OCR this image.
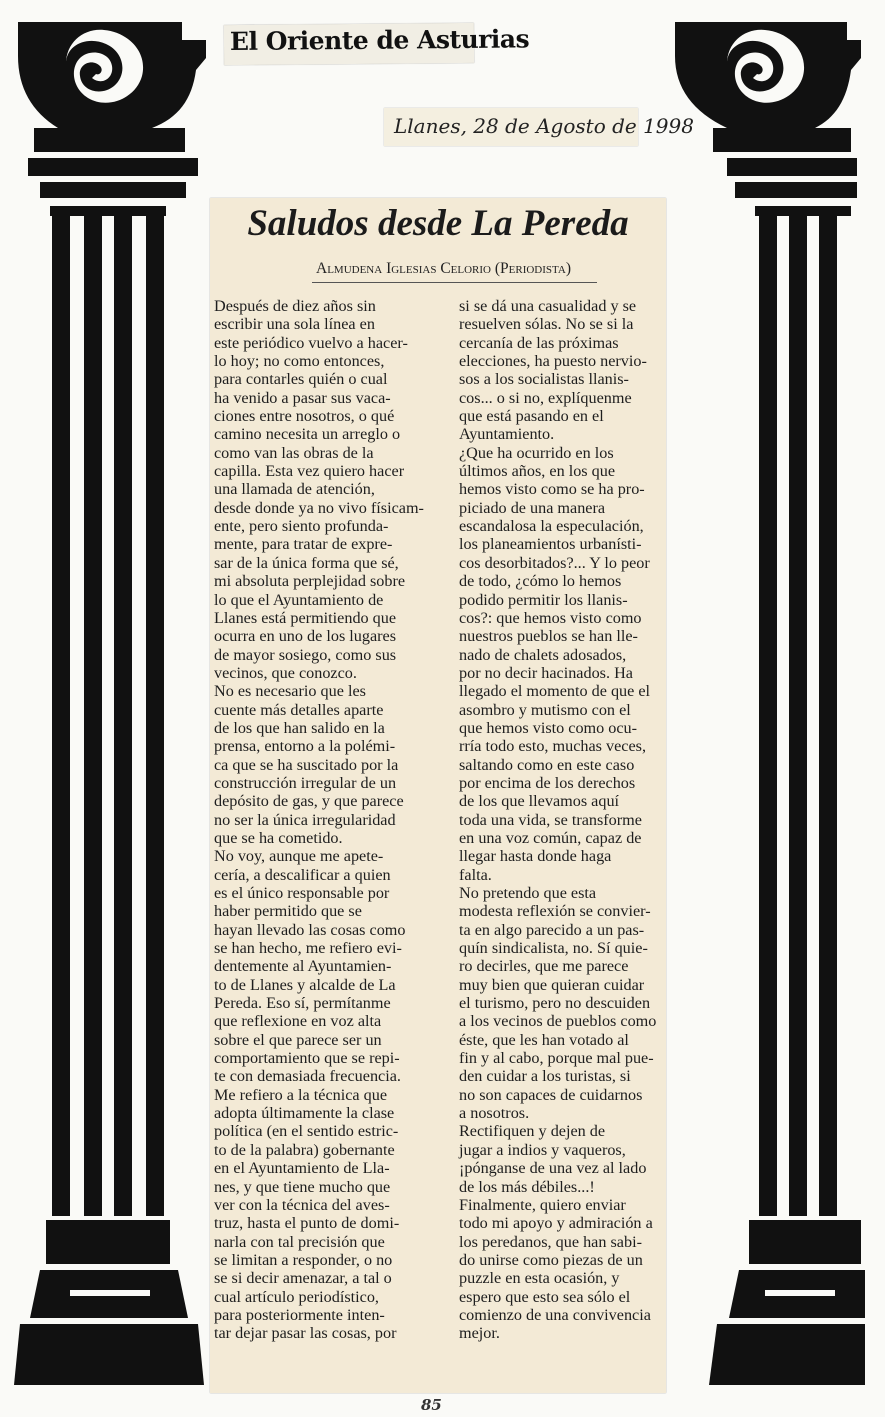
El Oriente de Asturias
Llanes, 28 de Agosto de 1998
Saludos desde La Pereda
Almudena Iglesias Celorio (Periodista)

Después de diez años sin

escribir una sola línea en

este periódico vuelvo a hacer-

lo hoy; no como entonces,

para contarles quién o cual

ha venido a pasar sus vaca-

ciones entre nosotros, o qué

camino necesita un arreglo o

como van las obras de la

capilla. Esta vez quiero hacer

una llamada de atención,

desde donde ya no vivo físicam-

ente, pero siento profunda-

mente, para tratar de expre-

sar de la única forma que sé,

mi absoluta perplejidad sobre

lo que el Ayuntamiento de

Llanes está permitiendo que

ocurra en uno de los lugares

de mayor sosiego, como sus

vecinos, que conozco.

No es necesario que les

cuente más detalles aparte

de los que han salido en la

prensa, entorno a la polémi-

ca que se ha suscitado por la

construcción irregular de un

depósito de gas, y que parece

no ser la única irregularidad

que se ha cometido.

No voy, aunque me apete-

cería, a descalificar a quien

es el único responsable por

haber permitido que se

hayan llevado las cosas como

se han hecho, me refiero evi-

dentemente al Ayuntamien-

to de Llanes y alcalde de La

Pereda. Eso sí, permítanme

que reflexione en voz alta

sobre el que parece ser un

comportamiento que se repi-

te con demasiada frecuencia.

Me refiero a la técnica que

adopta últimamente la clase

política (en el sentido estric-

to de la palabra) gobernante

en el Ayuntamiento de Lla-

nes, y que tiene mucho que

ver con la técnica del aves-

truz, hasta el punto de domi-

narla con tal precisión que

se limitan a responder, o no

se si decir amenazar, a tal o

cual artículo periodístico,

para posteriormente inten-

tar dejar pasar las cosas, por

si se dá una casualidad y se

resuelven sólas. No se si la

cercanía de las próximas

elecciones, ha puesto nervio-

sos a los socialistas llanis-

cos... o si no, explíquenme

que está pasando en el

Ayuntamiento.

¿Que ha ocurrido en los

últimos años, en los que

hemos visto como se ha pro-

piciado de una manera

escandalosa la especulación,

los planeamientos urbanísti-

cos desorbitados?... Y lo peor

de todo, ¿cómo lo hemos

podido permitir los llanis-

cos?: que hemos visto como

nuestros pueblos se han lle-

nado de chalets adosados,

por no decir hacinados. Ha

llegado el momento de que el

asombro y mutismo con el

que hemos visto como ocu-

rría todo esto, muchas veces,

saltando como en este caso

por encima de los derechos

de los que llevamos aquí

toda una vida, se transforme

en una voz común, capaz de

llegar hasta donde haga

falta.

No pretendo que esta

modesta reflexión se convier-

ta en algo parecido a un pas-

quín sindicalista, no. Sí quie-

ro decirles, que me parece

muy bien que quieran cuidar

el turismo, pero no descuiden

a los vecinos de pueblos como

éste, que les han votado al

fin y al cabo, porque mal pue-

den cuidar a los turistas, si

no son capaces de cuidarnos

a nosotros.

Rectifiquen y dejen de

jugar a indios y vaqueros,

¡pónganse de una vez al lado

de los más débiles...!

Finalmente, quiero enviar

todo mi apoyo y admiración a

los peredanos, que han sabi-

do unirse como piezas de un

puzzle en esta ocasión, y

espero que esto sea sólo el

comienzo de una convivencia

mejor.

85
